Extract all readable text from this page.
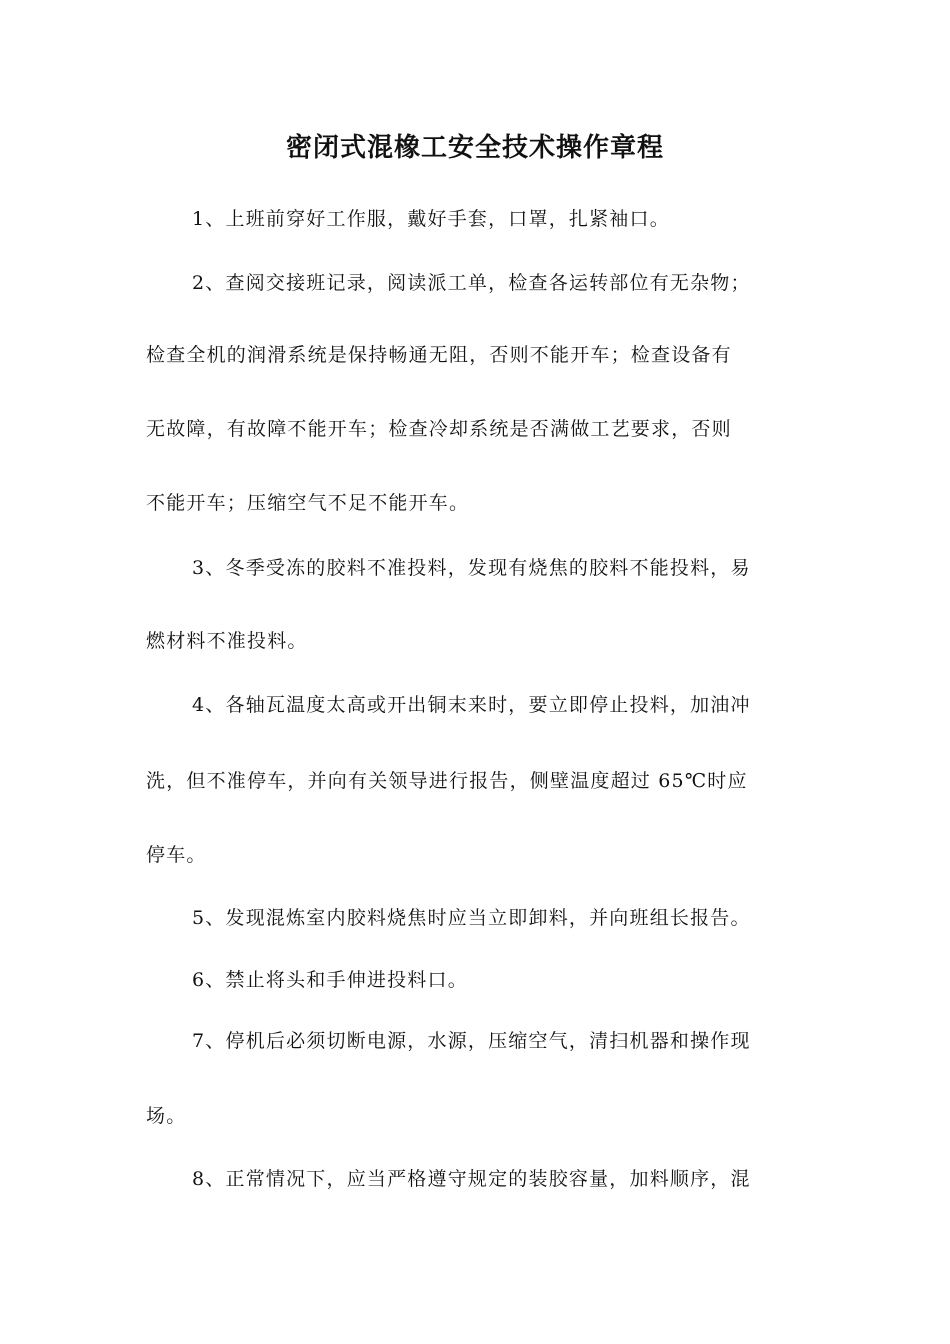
密闭式混橡工安全技术操作章程
1、上班前穿好工作服，戴好手套，口罩，扎紧袖口。
2、查阅交接班记录，阅读派工单，检查各运转部位有无杂物；
检查全机的润滑系统是保持畅通无阻，否则不能开车；检查设备有
无故障，有故障不能开车；检查冷却系统是否满做工艺要求，否则
不能开车；压缩空气不足不能开车。
3、冬季受冻的胶料不准投料，发现有烧焦的胶料不能投料，易
燃材料不准投料。
4、各轴瓦温度太高或开出铜末来时，要立即停止投料，加油冲
洗，但不准停车，并向有关领导进行报告，侧壁温度超过 65℃时应
停车。
5、发现混炼室内胶料烧焦时应当立即卸料，并向班组长报告。
6、禁止将头和手伸进投料口。
7、停机后必须切断电源，水源，压缩空气，清扫机器和操作现
场。
8、正常情况下，应当严格遵守规定的装胶容量，加料顺序，混
